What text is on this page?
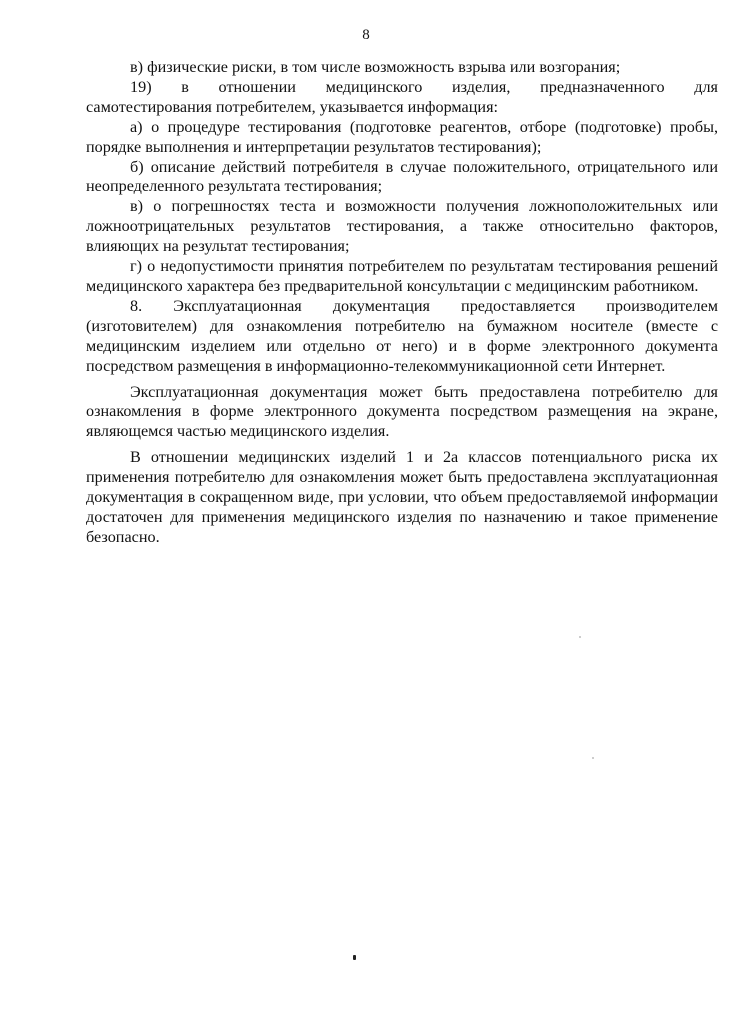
8

в) физические риски, в том числе возможность взрыва или возгорания;

19) в отношении медицинского изделия, предназначенного для
самотестирования потребителем, указывается информация:

а) о процедуре тестирования (подготовке реагентов, отборе (подготовке) пробы, порядке выполнения и интерпретации результатов тестирования);

б) описание действий потребителя в случае положительного, отрицательного или неопределенного результата тестирования;

в) о погрешностях теста и возможности получения ложноположительных или ложноотрицательных результатов тестирования, а также относительно факторов, влияющих на результат тестирования;

г) о недопустимости принятия потребителем по результатам тестирования решений медицинского характера без предварительной консультации с медицинским работником.

8. Эксплуатационная документация предоставляется производителем (изготовителем) для ознакомления потребителю на бумажном носителе (вместе с медицинским изделием или отдельно от него) и в форме электронного документа посредством размещения в информационно-телекоммуникационной сети Интернет.

Эксплуатационная документация может быть предоставлена потребителю для ознакомления в форме электронного документа посредством размещения на экране, являющемся частью медицинского изделия.

В отношении медицинских изделий 1 и 2а классов потенциального риска их применения потребителю для ознакомления может быть предоставлена эксплуатационная документация в сокращенном виде, при условии, что объем предоставляемой информации достаточен для применения медицинского изделия по назначению и такое применение безопасно.
